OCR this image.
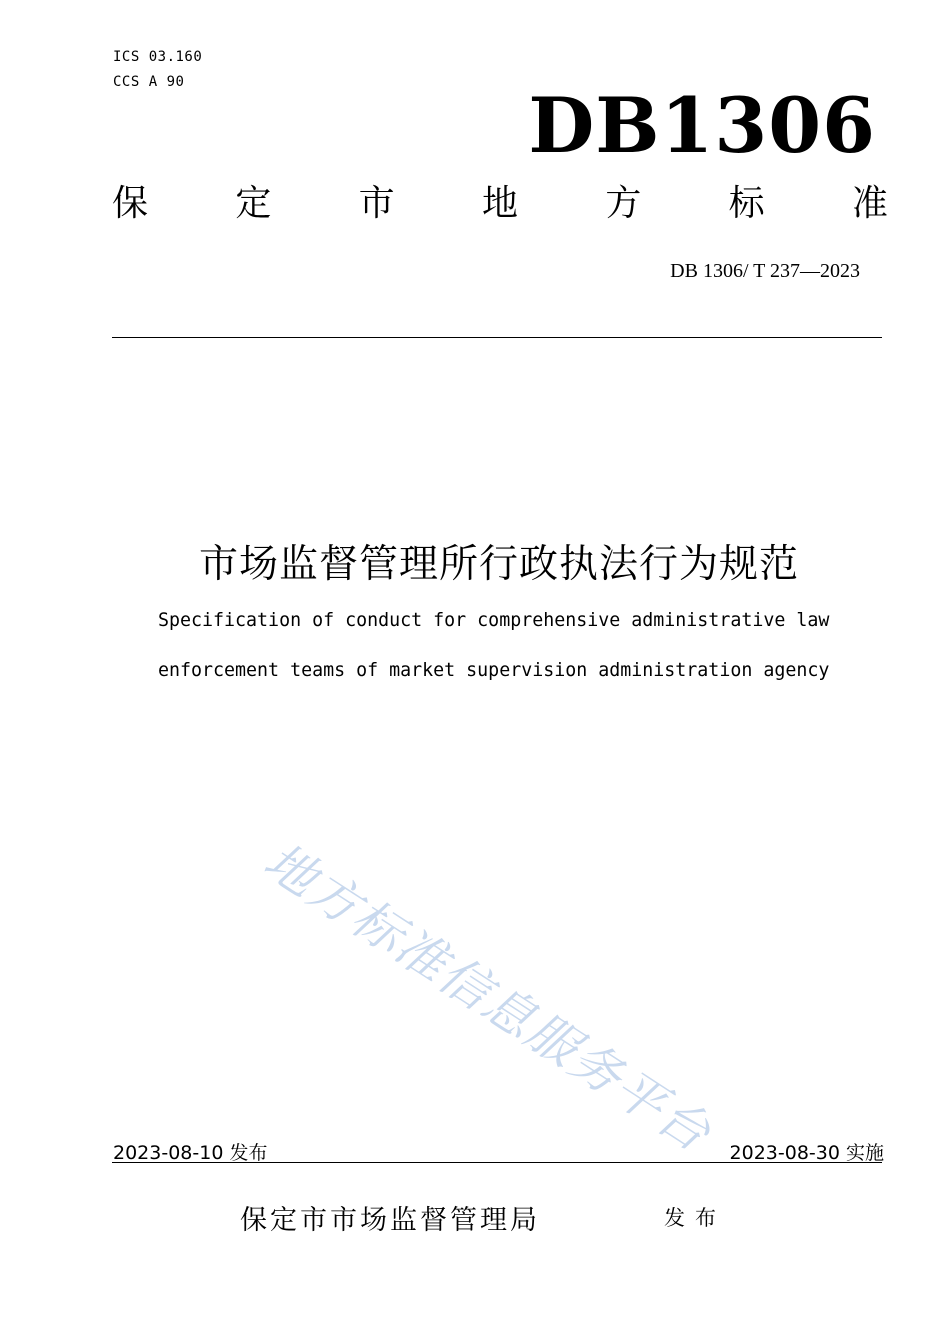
ICS 03.160
CCS A 90	DB1306
保 定 市 地 方 标 准
DB 1306/ T 237—2023
市场监督管理所行政执法行为规范
Specification of conduct for comprehensive administrative law
enforcement teams of market supervision administration agency
地方标准信息服务平台
2023-08-10 发布	2023-08-30 实施
保定市市场监督管理局	发布
